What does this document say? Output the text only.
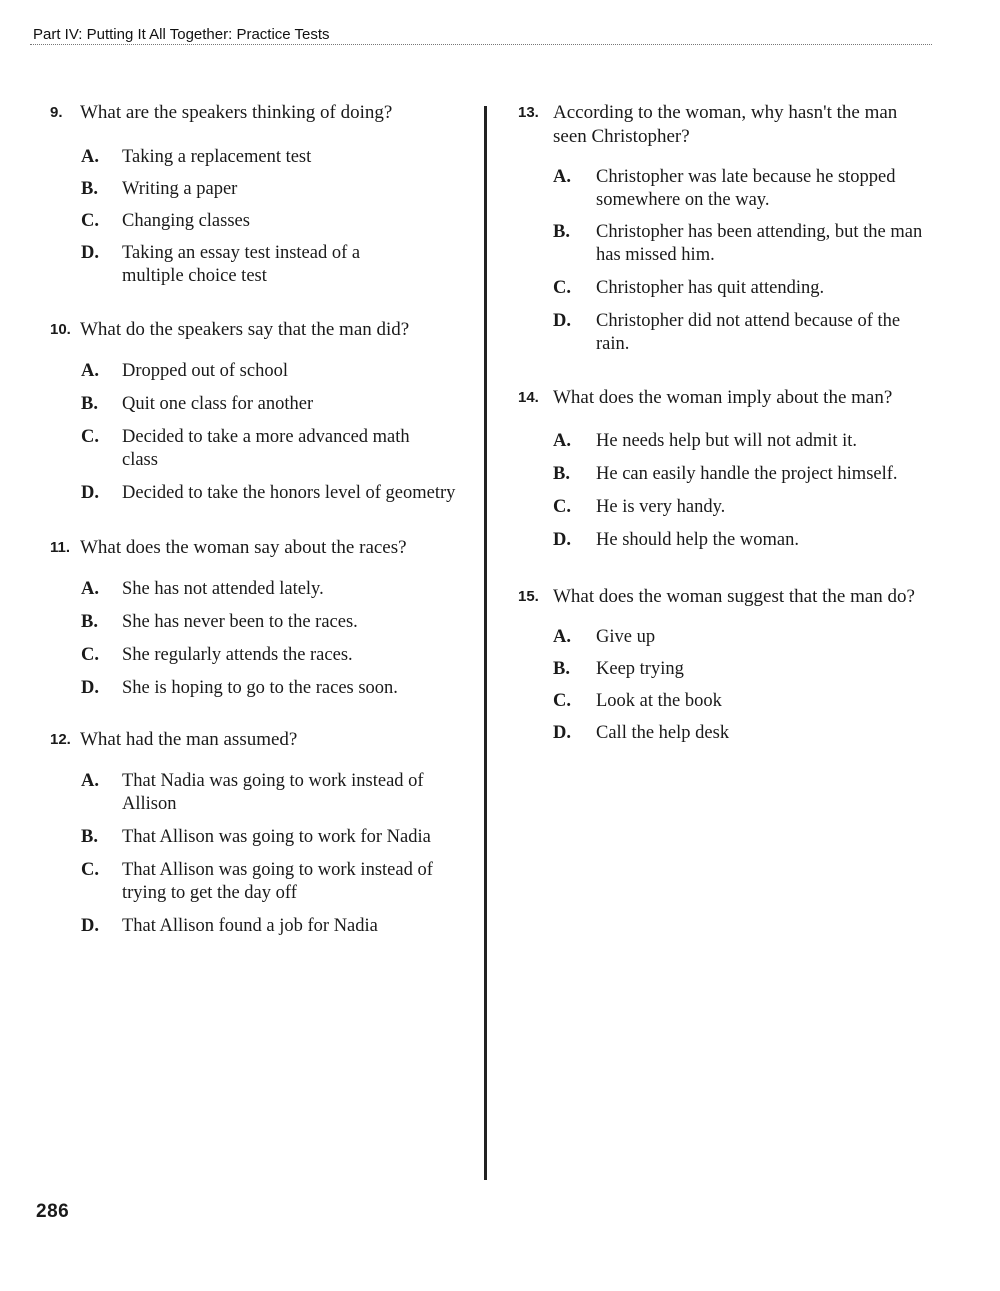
Part IV: Putting It All Together: Practice Tests
9. What are the speakers thinking of doing?
A. Taking a replacement test
B. Writing a paper
C. Changing classes
D. Taking an essay test instead of a multiple choice test
10. What do the speakers say that the man did?
A. Dropped out of school
B. Quit one class for another
C. Decided to take a more advanced math class
D. Decided to take the honors level of geometry
11. What does the woman say about the races?
A. She has not attended lately.
B. She has never been to the races.
C. She regularly attends the races.
D. She is hoping to go to the races soon.
12. What had the man assumed?
A. That Nadia was going to work instead of Allison
B. That Allison was going to work for Nadia
C. That Allison was going to work instead of trying to get the day off
D. That Allison found a job for Nadia
13. According to the woman, why hasn't the man seen Christopher?
A. Christopher was late because he stopped somewhere on the way.
B. Christopher has been attending, but the man has missed him.
C. Christopher has quit attending.
D. Christopher did not attend because of the rain.
14. What does the woman imply about the man?
A. He needs help but will not admit it.
B. He can easily handle the project himself.
C. He is very handy.
D. He should help the woman.
15. What does the woman suggest that the man do?
A. Give up
B. Keep trying
C. Look at the book
D. Call the help desk
286
